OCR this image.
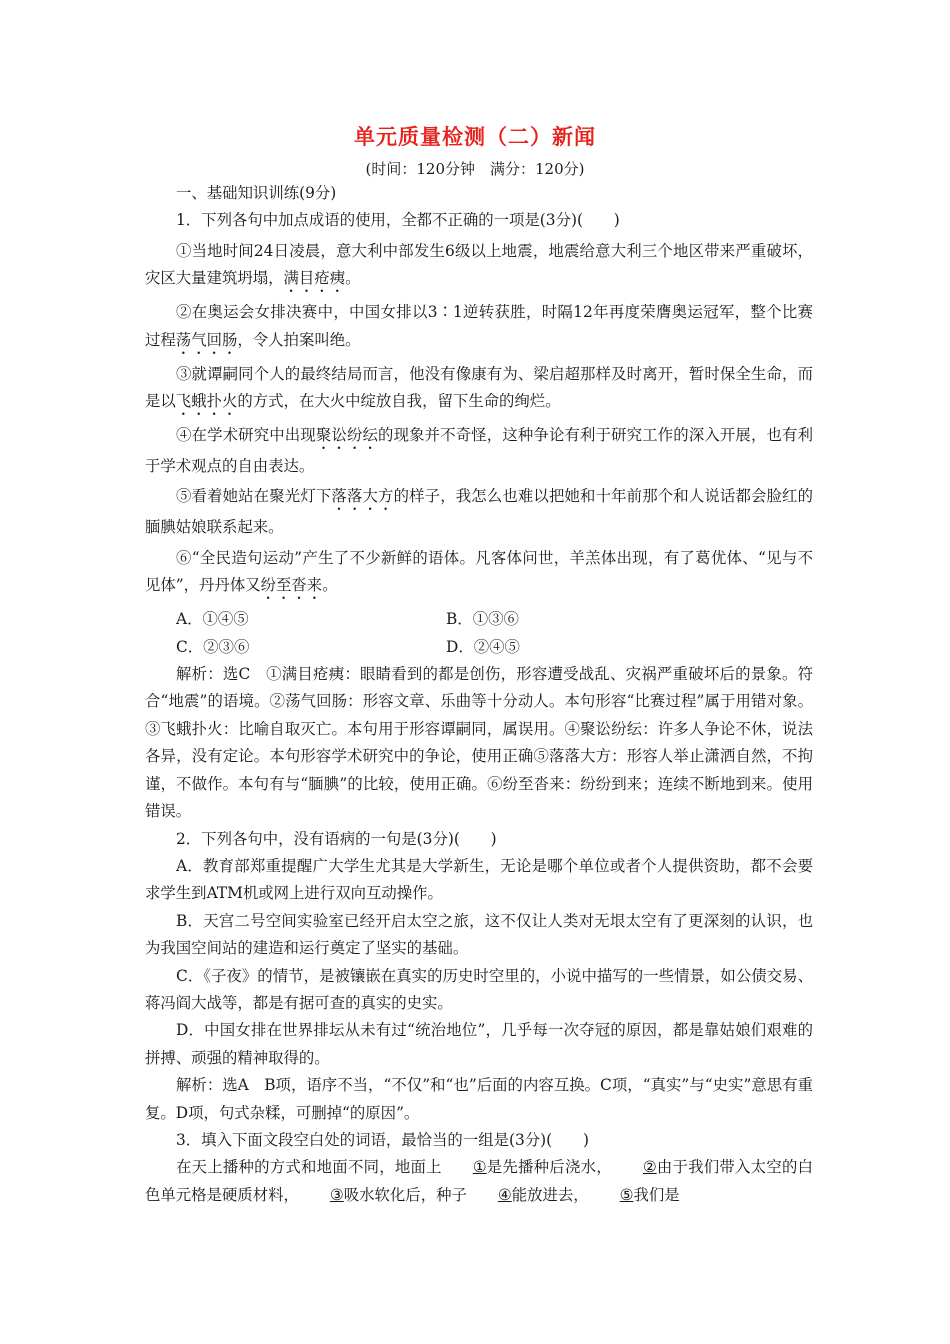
单元质量检测（二）新闻
(时间：120分钟　满分：120分)

一、基础知识训练(9分)

1．下列各句中加点成语的使用，全都不正确的一项是(3分)(　　)

①当地时间24日凌晨，意大利中部发生6级以上地震，地震给意大利三个地区带来严重破坏，灾区大量建筑坍塌，满目疮痍。

②在奥运会女排决赛中，中国女排以3∶1逆转获胜，时隔12年再度荣膺奥运冠军，整个比赛过程荡气回肠，令人拍案叫绝。

③就谭嗣同个人的最终结局而言，他没有像康有为、梁启超那样及时离开，暂时保全生命，而是以飞蛾扑火的方式，在大火中绽放自我，留下生命的绚烂。

④在学术研究中出现聚讼纷纭的现象并不奇怪，这种争论有利于研究工作的深入开展，也有利于学术观点的自由表达。

⑤看着她站在聚光灯下落落大方的样子，我怎么也难以把她和十年前那个和人说话都会脸红的腼腆姑娘联系起来。

⑥“全民造句运动”产生了不少新鲜的语体。凡客体问世，羊羔体出现，有了葛优体、“见与不见体”，丹丹体又纷至沓来。

A．①④⑤	B．①③⑥

C．②③⑥	D．②④⑤

解析：选C　①满目疮痍：眼睛看到的都是创伤，形容遭受战乱、灾祸严重破坏后的景象。符合“地震”的语境。②荡气回肠：形容文章、乐曲等十分动人。本句形容“比赛过程”属于用错对象。③飞蛾扑火：比喻自取灭亡。本句用于形容谭嗣同，属误用。④聚讼纷纭：许多人争论不休，说法各异，没有定论。本句形容学术研究中的争论，使用正确⑤落落大方：形容人举止潇洒自然，不拘谨，不做作。本句有与“腼腆”的比较，使用正确。⑥纷至沓来：纷纷到来；连续不断地到来。使用错误。

2．下列各句中，没有语病的一句是(3分)(　　)

A．教育部郑重提醒广大学生尤其是大学新生，无论是哪个单位或者个人提供资助，都不会要求学生到ATM机或网上进行双向互动操作。

B．天宫二号空间实验室已经开启太空之旅，这不仅让人类对无垠太空有了更深刻的认识，也为我国空间站的建造和运行奠定了坚实的基础。

C．《子夜》的情节，是被镶嵌在真实的历史时空里的，小说中描写的一些情景，如公债交易、蒋冯阎大战等，都是有据可查的真实的史实。

D．中国女排在世界排坛从未有过“统治地位”，几乎每一次夺冠的原因，都是靠姑娘们艰难的拼搏、顽强的精神取得的。

解析：选A　B项，语序不当，“不仅”和“也”后面的内容互换。C项，“真实”与“史实”意思有重复。D项，句式杂糅，可删掉“的原因”。

3．填入下面文段空白处的词语，最恰当的一组是(3分)(　　)

在天上播种的方式和地面不同，地面上 ①是先播种后浇水， ②由于我们带入太空的白色单元格是硬质材料， ③吸水软化后，种子 ④能放进去， ⑤我们是
